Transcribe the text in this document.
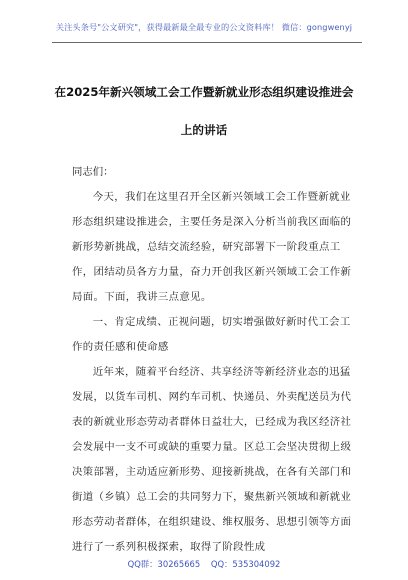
关注头条号"公文研究"，获得最新最全最专业的公文资料库！ 微信：gongwenyj
在2025年新兴领域工会工作暨新就业形态组织建设推进会
上的讲话
同志们：
今天，我们在这里召开全区新兴领域工会工作暨新就业形态组织建设推进会，主要任务是深入分析当前我区面临的新形势新挑战，总结交流经验，研究部署下一阶段重点工作，团结动员各方力量，奋力开创我区新兴领域工会工作新局面。下面，我讲三点意见。
一、肯定成绩、正视问题，切实增强做好新时代工会工作的责任感和使命感
近年来，随着平台经济、共享经济等新经济业态的迅猛发展，以货车司机、网约车司机、快递员、外卖配送员为代表的新就业形态劳动者群体日益壮大，已经成为我区经济社会发展中一支不可或缺的重要力量。区总工会坚决贯彻上级决策部署，主动适应新形势、迎接新挑战，在各有关部门和街道（乡镇）总工会的共同努力下，聚焦新兴领域和新就业形态劳动者群体，在组织建设、维权服务、思想引领等方面进行了一系列积极探索，取得了阶段性成
QQ群：30265665 QQ：535304092
